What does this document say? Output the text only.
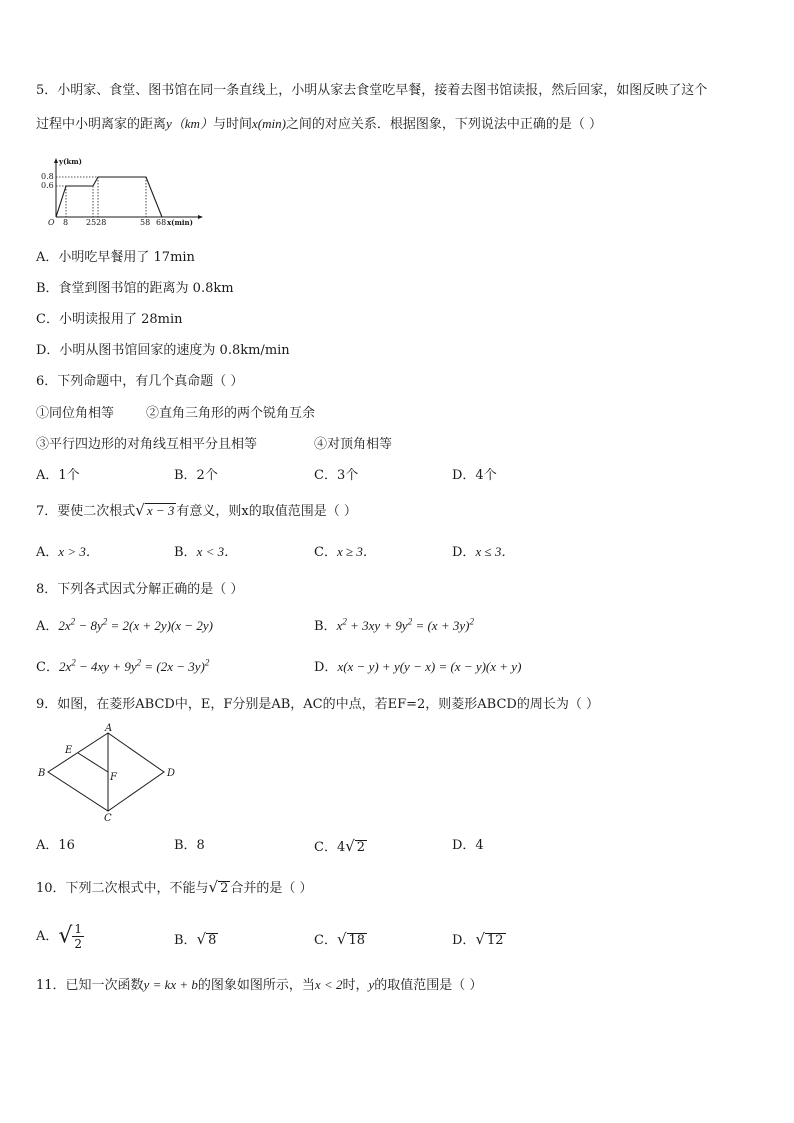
5．小明家、食堂、图书馆在同一条直线上，小明从家去食堂吃早餐，接着去图书馆读报，然后回家，如图反映了这个
过程中小明离家的距离y（km）与时间x(min)之间的对应关系．根据图象，下列说法中正确的是（ ）
y(km)
0.8
0.6
O 8 2528	58 68 x(min)
A．小明吃早餐用了 17min
B．食堂到图书馆的距离为 0.8km
C．小明读报用了 28min
D．小明从图书馆回家的速度为 0.8km/min
6．下列命题中，有几个真命题（ ）
①同位角相等 ②直角三角形的两个锐角互余
③平行四边形的对角线互相平分且相等	④对顶角相等
A．1个	B．2个	C．3个	D．4个
7．要使二次根式√ x − 3 有意义，则x的取值范围是（ ）
A．x > 3．	B．x < 3．	C．x ≥ 3．	D．x ≤ 3．
8．下列各式因式分解正确的是（ ）
A．$2x^2 - 8y^2 = 2(x + 2y)(x - 2y)$	B．$x^2 + 3xy + 9y^2 = (x + 3y)^2$
C．$2x^2 - 4xy + 9y^2 = (2x - 3y)^2$	D．x(x − y) + y(y − x) = (x − y)(x + y)
9．如图，在菱形ABCD中，E，F分别是AB，AC的中点，若EF=2，则菱形ABCD的周长为（ ）
A
B
C
D
E
F
A．16	B．8	C．4√ 2	D．4
10．下列二次根式中，不能与√ 2 合并的是（ ）
A．√ $\frac{1}{2}$	B．√ 8	C．√ 18	D．√ 12
11．已知一次函数y = kx + b的图象如图所示，当x < 2时，y的取值范围是（ ）
